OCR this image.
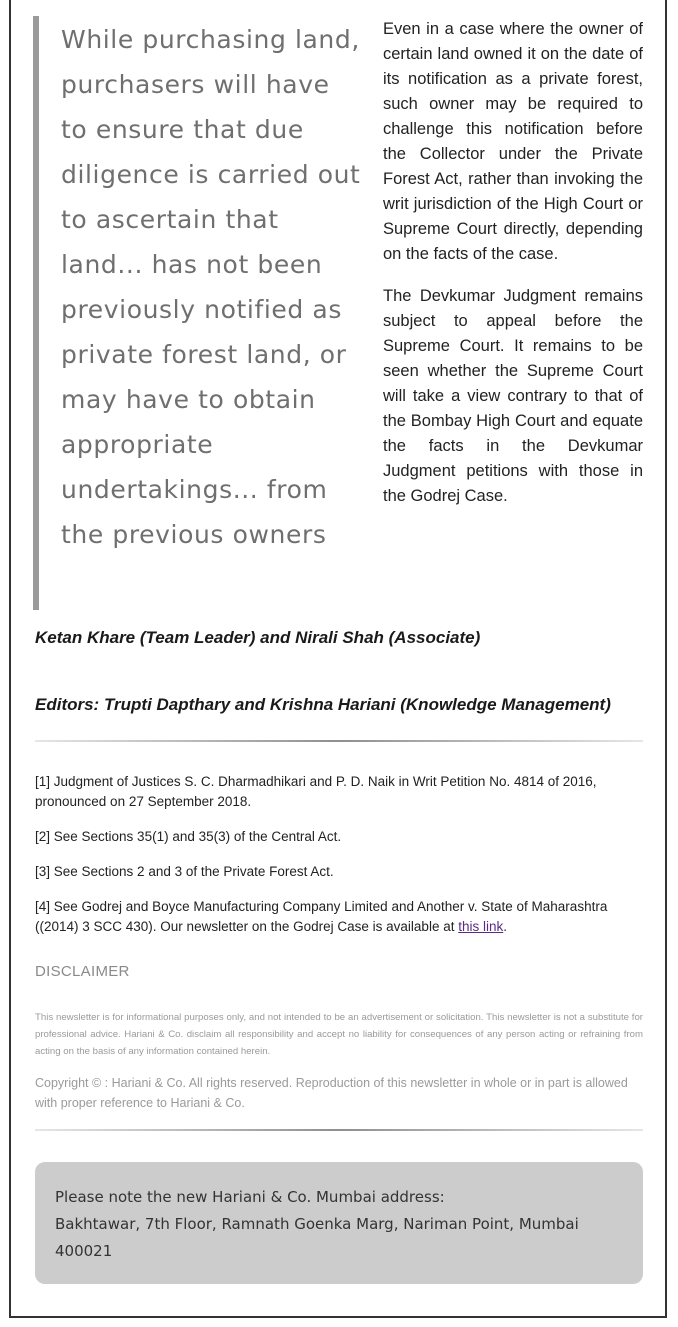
While purchasing land, purchasers will have to ensure that due diligence is carried out to ascertain that land... has not been previously notified as private forest land, or may have to obtain appropriate undertakings... from the previous owners

Even in a case where the owner of certain land owned it on the date of its notification as a private forest, such owner may be required to challenge this notification before the Collector under the Private Forest Act, rather than invoking the writ jurisdiction of the High Court or Supreme Court directly, depending on the facts of the case.

The Devkumar Judgment remains subject to appeal before the Supreme Court. It remains to be seen whether the Supreme Court will take a view contrary to that of the Bombay High Court and equate the facts in the Devkumar Judgment petitions with those in the Godrej Case.

Ketan Khare (Team Leader) and Nirali Shah (Associate)

Editors: Trupti Dapthary and Krishna Hariani (Knowledge Management)

[1] Judgment of Justices S. C. Dharmadhikari and P. D. Naik in Writ Petition No. 4814 of 2016, pronounced on 27 September 2018.

[2] See Sections 35(1) and 35(3) of the Central Act.

[3] See Sections 2 and 3 of the Private Forest Act.

[4] See Godrej and Boyce Manufacturing Company Limited and Another v. State of Maharashtra ((2014) 3 SCC 430). Our newsletter on the Godrej Case is available at this link.

DISCLAIMER

This newsletter is for informational purposes only, and not intended to be an advertisement or solicitation. This newsletter is not a substitute for professional advice. Hariani & Co. disclaim all responsibility and accept no liability for consequences of any person acting or refraining from acting on the basis of any information contained herein.

Copyright © : Hariani & Co. All rights reserved. Reproduction of this newsletter in whole or in part is allowed with proper reference to Hariani & Co.

Please note the new Hariani & Co. Mumbai address:

Bakhtawar, 7th Floor, Ramnath Goenka Marg, Nariman Point, Mumbai 400021
